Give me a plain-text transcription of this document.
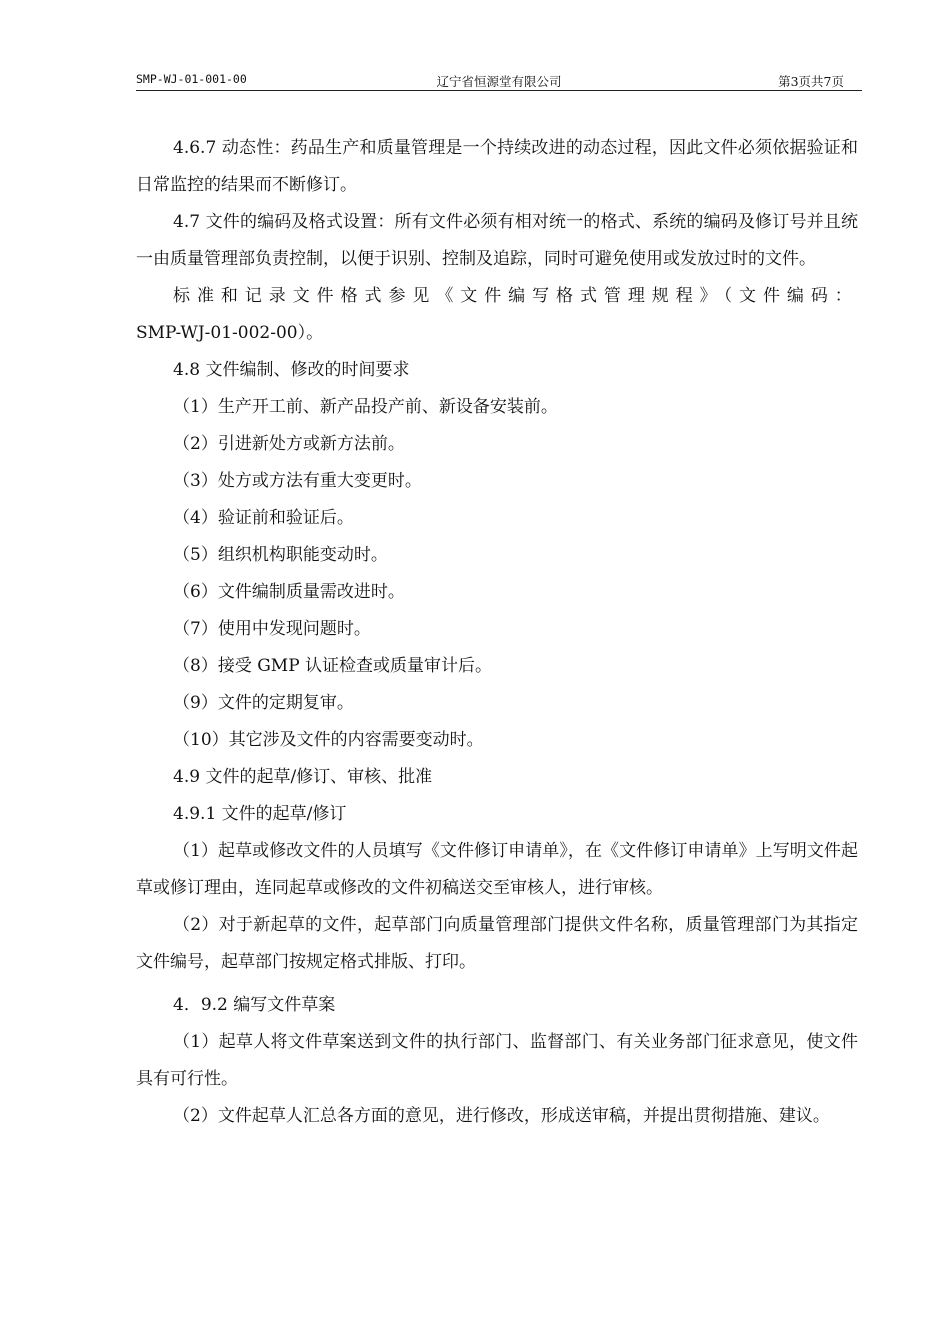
SMP-WJ-01-001-00	辽宁省恒源堂有限公司	第3页共7页

4.6.7 动态性：药品生产和质量管理是一个持续改进的动态过程，因此文件必须依据验证和日常监控的结果而不断修订。

4.7 文件的编码及格式设置：所有文件必须有相对统一的格式、系统的编码及修订号并且统一由质量管理部负责控制，以便于识别、控制及追踪，同时可避免使用或发放过时的文件。

标准和记录文件格式参见《文件编写格式管理规程》（文件编码：

SMP-WJ-01-002-00）。

4.8 文件编制、修改的时间要求

（1）生产开工前、新产品投产前、新设备安装前。

（2）引进新处方或新方法前。

（3）处方或方法有重大变更时。

（4）验证前和验证后。

（5）组织机构职能变动时。

（6）文件编制质量需改进时。

（7）使用中发现问题时。

（8）接受 GMP 认证检查或质量审计后。

（9）文件的定期复审。

（10）其它涉及文件的内容需要变动时。

4.9 文件的起草/修订、审核、批准

4.9.1 文件的起草/修订

（1）起草或修改文件的人员填写《文件修订申请单》，在《文件修订申请单》上写明文件起草或修订理由，连同起草或修改的文件初稿送交至审核人，进行审核。

（2）对于新起草的文件，起草部门向质量管理部门提供文件名称，质量管理部门为其指定文件编号，起草部门按规定格式排版、打印。

4．9.2 编写文件草案

（1）起草人将文件草案送到文件的执行部门、监督部门、有关业务部门征求意见，使文件具有可行性。

（2）文件起草人汇总各方面的意见，进行修改，形成送审稿，并提出贯彻措施、建议。
